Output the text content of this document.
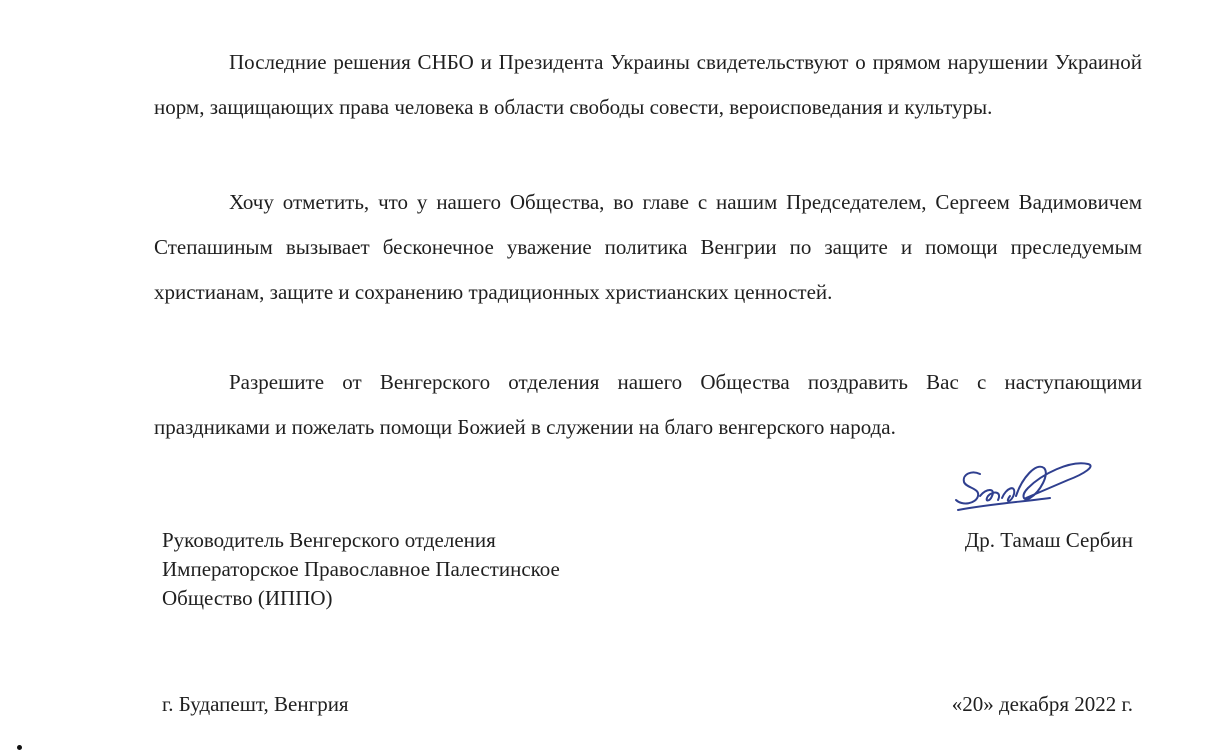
Последние решения СНБО и Президента Украины свидетельствуют о прямом нарушении Украиной норм, защищающих права человека в области свободы совести, вероисповедания и культуры.

Хочу отметить, что у нашего Общества, во главе с нашим Председателем, Сергеем Вадимовичем Степашиным вызывает бесконечное уважение политика Венгрии по защите и помощи преследуемым христианам, защите и сохранению традиционных христианских ценностей.

Разрешите от Венгерского отделения нашего Общества поздравить Вас с наступающими праздниками и пожелать помощи Божией в служении на благо венгерского народа.

Руководитель Венгерского отделения
Императорское Православное Палестинское
Общество (ИППО)
Др. Тамаш Сербин
г. Будапешт, Венгрия	«20» декабря 2022 г.
